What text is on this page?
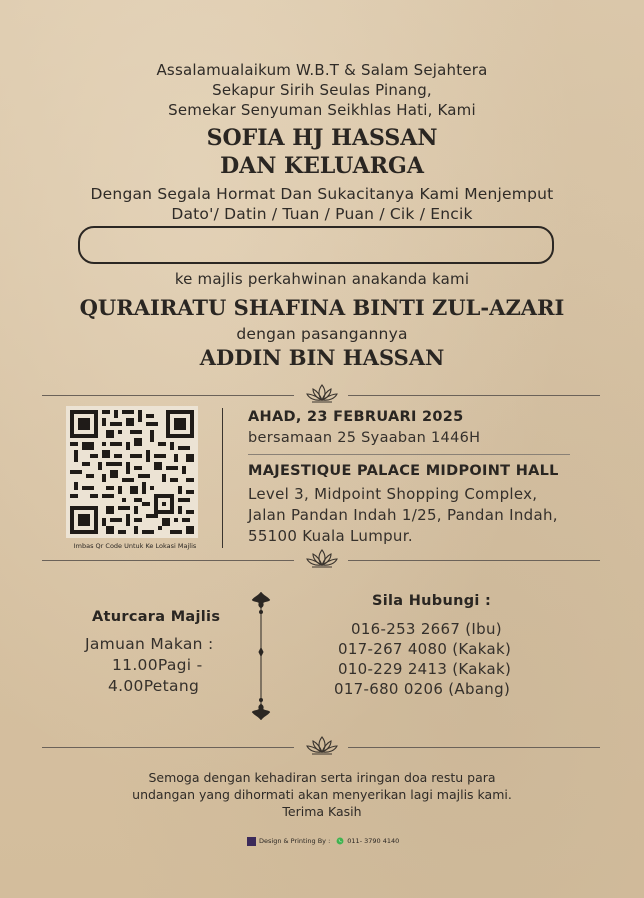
Assalamualaikum W.B.T & Salam Sejahtera
Sekapur Sirih Seulas Pinang,
Semekar Senyuman Seikhlas Hati, Kami
SOFIA HJ HASSAN
DAN KELUARGA
Dengan Segala Hormat Dan Sukacitanya Kami Menjemput
Dato'/ Datin / Tuan / Puan / Cik / Encik
ke majlis perkahwinan anakanda kami
QURAIRATU SHAFINA BINTI ZUL-AZARI
dengan pasangannya
ADDIN BIN HASSAN
Imbas Qr Code Untuk Ke Lokasi Majlis
AHAD, 23 FEBRUARI 2025
bersamaan 25 Syaaban 1446H
MAJESTIQUE PALACE MIDPOINT HALL
Level 3, Midpoint Shopping Complex,
Jalan Pandan Indah 1/25, Pandan Indah,
55100 Kuala Lumpur.
Aturcara Majlis
Jamuan Makan :
11.00Pagi -
4.00Petang
Sila Hubungi :
016-253 2667 (Ibu)
017-267 4080 (Kakak)
010-229 2413 (Kakak)
017-680 0206 (Abang)
Semoga dengan kehadiran serta iringan doa restu para
undangan yang dihormati akan menyerikan lagi majlis kami.
Terima Kasih
Design & Printing By :	011- 3790 4140
